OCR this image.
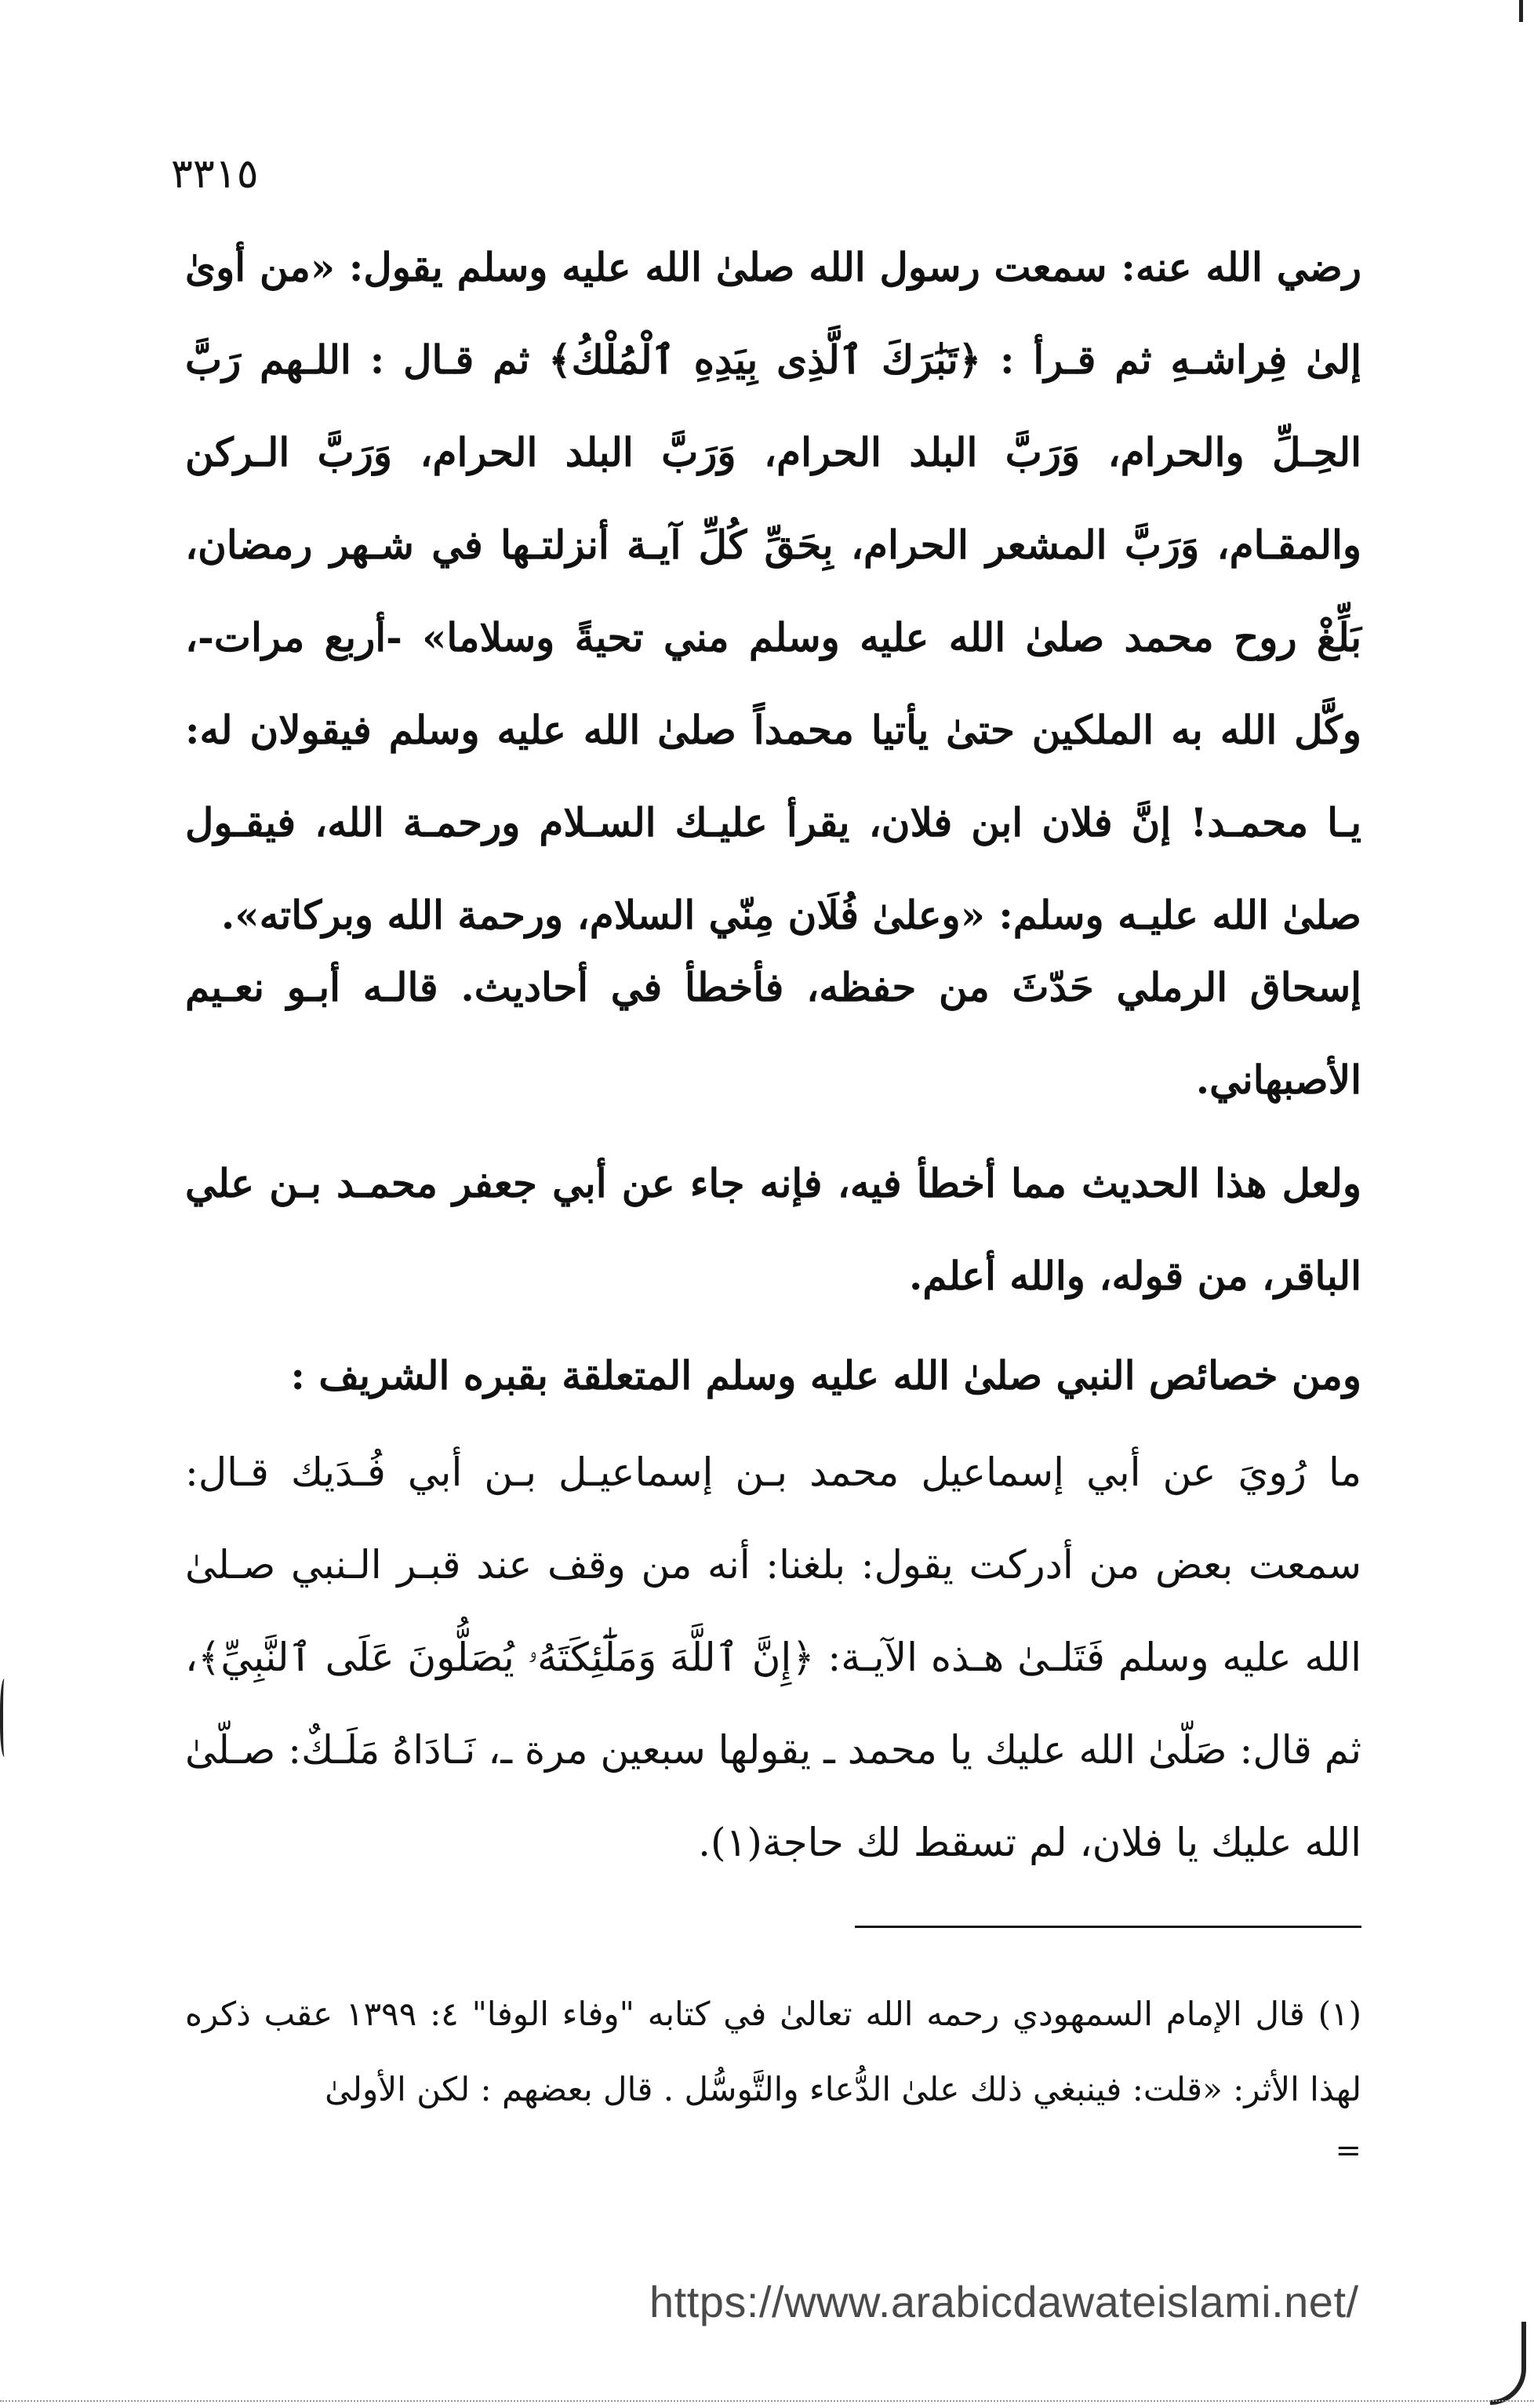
٣٣١٥

رضي الله عنه: سمعت رسول الله صلىٰ الله عليه وسلم يقول: «من أوىٰ إلىٰ فِراشـهِ ثم قـرأ : ﴿تَبَٰرَكَ ٱلَّذِى بِيَدِهِ ٱلْمُلْكُ﴾ ثم قـال : اللـهم رَبَّ الحِـلِّ والحرام، وَرَبَّ البلد الحرام، وَرَبَّ البلد الحرام، وَرَبَّ الـركن والمقـام، وَرَبَّ المشعر الحرام، بِحَقِّ كُلِّ آيـة أنزلتـها في شـهر رمضان، بَلِّغْ روح محمد صلىٰ الله عليه وسلم مني تحيةً وسلاما» -أربع مرات-، وكَّل الله به الملكين حتىٰ يأتيا محمداً صلىٰ الله عليه وسلم فيقولان له: يـا محمـد! إنَّ فلان ابن فلان، يقرأ عليـك السـلام ورحمـة الله، فيقـول صلىٰ الله عليـه وسلم: «وعلىٰ فُلَان مِنّي السلام، ورحمة الله وبركاته».

إسحاق الرملي حَدّثَ من حفظه، فأخطأ في أحاديث. قالـه أبـو نعـيم الأصبهاني.

ولعل هذا الحديث مما أخطأ فيه، فإنه جاء عن أبي جعفر محمـد بـن علي الباقر، من قوله، والله أعلم.

ومن خصائص النبي صلىٰ الله عليه وسلم المتعلقة بقبره الشريف :

ما رُويَ عن أبي إسماعيل محمد بـن إسماعيـل بـن أبي فُـدَيك قـال: سمعت بعض من أدركت يقول: بلغنا: أنه من وقف عند قبـر الـنبي صـلىٰ الله عليه وسلم فَتَلـىٰ هـذه الآيـة: ﴿إِنَّ ٱللَّهَ وَمَلَٰٓئِكَتَهُۥ يُصَلُّونَ عَلَى ٱلنَّبِيِّ﴾، ثم قال: صَلّىٰ الله عليك يا محمد ـ يقولها سبعين مرة ـ، نَـادَاهُ مَلَـكٌ: صـلّىٰ الله عليك يا فلان، لم تسقط لك حاجة(١).

(١) قال الإمام السمهودي رحمه الله تعالىٰ في كتابه "وفاء الوفا" ٤: ١٣٩٩ عقب ذكره لهذا الأثر: «قلت: فينبغي ذلك علىٰ الدُّعاء والتَّوسُّل . قال بعضهم : لكن الأولىٰ
=
https://www.arabicdawateislami.net/
